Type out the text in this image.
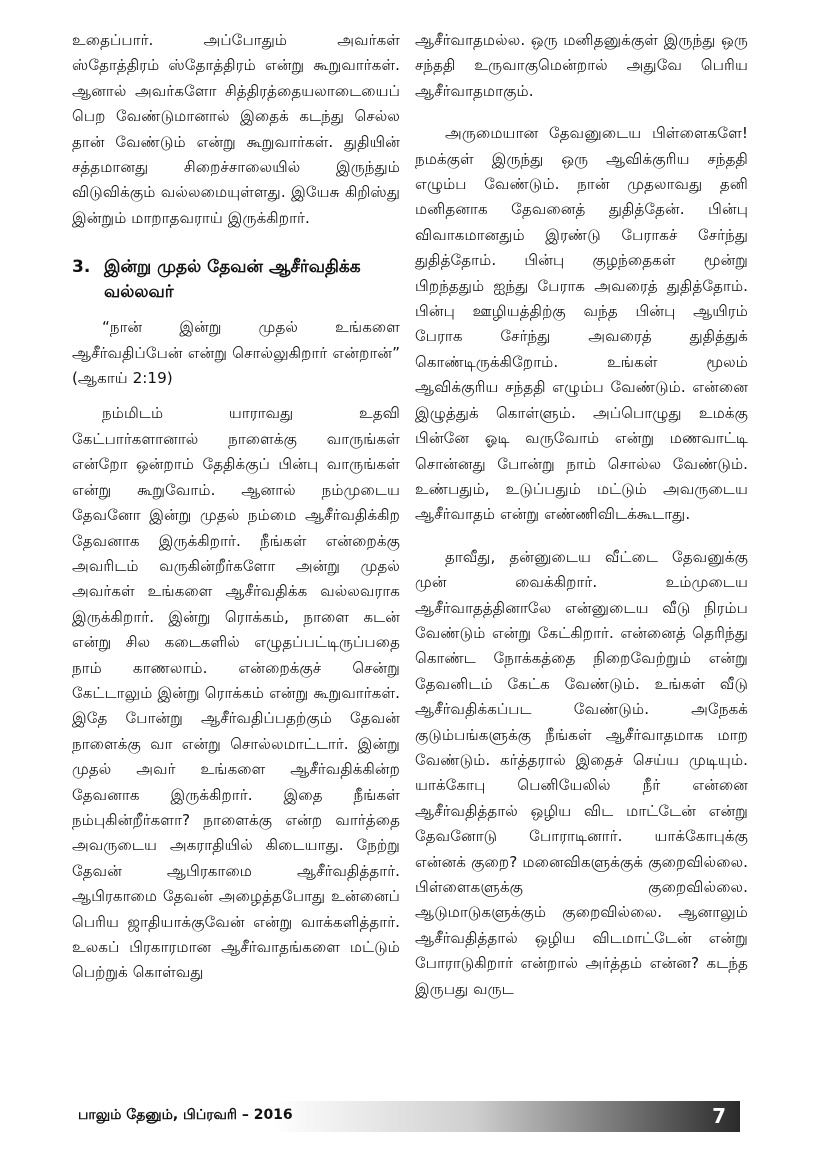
உதைப்பார். அப்போதும் அவர்கள் ஸ்தோத்திரம் ஸ்தோத்திரம் என்று கூறுவார்கள். ஆனால் அவர்களோ சித்திரத்தையலாடையைப் பெற வேண்டுமானால் இதைக் கடந்து செல்ல தான் வேண்டும் என்று கூறுவார்கள். துதியின் சத்தமானது சிறைச்சாலையில் இருந்தும் விடுவிக்கும் வல்லமையுள்ளது. இயேசு கிறிஸ்து இன்றும் மாறாதவராய் இருக்கிறார்.

3. இன்று முதல் தேவன் ஆசீர்வதிக்க வல்லவர்

“நான் இன்று முதல் உங்களை ஆசீர்வதிப்பேன் என்று சொல்லுகிறார் என்றான்” (ஆகாய் 2:19)

நம்மிடம் யாராவது உதவி கேட்பார்களானால் நாளைக்கு வாருங்கள் என்றோ ஒன்றாம் தேதிக்குப் பின்பு வாருங்கள் என்று கூறுவோம். ஆனால் நம்முடைய தேவனோ இன்று முதல் நம்மை ஆசீர்வதிக்கிற தேவனாக இருக்கிறார். நீங்கள் என்றைக்கு அவரிடம் வருகின்றீர்களோ அன்று முதல் அவர்கள் உங்களை ஆசீர்வதிக்க வல்லவராக இருக்கிறார். இன்று ரொக்கம், நாளை கடன் என்று சில கடைகளில் எழுதப்பட்டிருப்பதை நாம் காணலாம். என்றைக்குச் சென்று கேட்டாலும் இன்று ரொக்கம் என்று கூறுவார்கள். இதே போன்று ஆசீர்வதிப்பதற்கும் தேவன் நாளைக்கு வா என்று சொல்லமாட்டார். இன்று முதல் அவர் உங்களை ஆசீர்வதிக்கின்ற தேவனாக இருக்கிறார். இதை நீங்கள் நம்புகின்றீர்களா? நாளைக்கு என்ற வார்த்தை அவருடைய அகராதியில் கிடையாது. நேற்று தேவன் ஆபிரகாமை ஆசீர்வதித்தார். ஆபிரகாமை தேவன் அழைத்தபோது உன்னைப் பெரிய ஜாதியாக்குவேன் என்று வாக்களித்தார். உலகப் பிரகாரமான ஆசீர்வாதங்களை மட்டும் பெற்றுக் கொள்வது

ஆசீர்வாதமல்ல. ஒரு மனிதனுக்குள் இருந்து ஒரு சந்ததி உருவாகுமென்றால் அதுவே பெரிய ஆசீர்வாதமாகும்.

அருமையான தேவனுடைய பிள்ளைகளே! நமக்குள் இருந்து ஒரு ஆவிக்குரிய சந்ததி எழும்ப வேண்டும். நான் முதலாவது தனி மனிதனாக தேவனைத் துதித்தேன். பின்பு விவாகமானதும் இரண்டு பேராகச் சேர்ந்து துதித்தோம். பின்பு குழந்தைகள் மூன்று பிறந்ததும் ஐந்து பேராக அவரைத் துதித்தோம். பின்பு ஊழியத்திற்கு வந்த பின்பு ஆயிரம் பேராக சேர்ந்து அவரைத் துதித்துக் கொண்டிருக்கிறோம். உங்கள் மூலம் ஆவிக்குரிய சந்ததி எழும்ப வேண்டும். என்னை இழுத்துக் கொள்ளும். அப்பொழுது உமக்கு பின்னே ஓடி வருவோம் என்று மணவாட்டி சொன்னது போன்று நாம் சொல்ல வேண்டும். உண்பதும், உடுப்பதும் மட்டும் அவருடைய ஆசீர்வாதம் என்று எண்ணிவிடக்கூடாது.

தாவீது, தன்னுடைய வீட்டை தேவனுக்கு முன் வைக்கிறார். உம்முடைய ஆசீர்வாதத்தினாலே என்னுடைய வீடு நிரம்ப வேண்டும் என்று கேட்கிறார். என்னைத் தெரிந்து கொண்ட நோக்கத்தை நிறைவேற்றும் என்று தேவனிடம் கேட்க வேண்டும். உங்கள் வீடு ஆசீர்வதிக்கப்பட வேண்டும். அநேகக் குடும்பங்களுக்கு நீங்கள் ஆசீர்வாதமாக மாற வேண்டும். கர்த்தரால் இதைச் செய்ய முடியும். யாக்கோபு பெனியேலில் நீர் என்னை ஆசீர்வதித்தால் ஒழிய விட மாட்டேன் என்று தேவனோடு போராடினார். யாக்கோபுக்கு என்னக் குறை? மனைவிகளுக்குக் குறைவில்லை. பிள்ளைகளுக்கு குறைவில்லை. ஆடுமாடுகளுக்கும் குறைவில்லை. ஆனாலும் ஆசீர்வதித்தால் ஒழிய விடமாட்டேன் என்று போராடுகிறார் என்றால் அர்த்தம் என்ன? கடந்த இருபது வருட

பாலும் தேனும், பிப்ரவரி – 2016	7
